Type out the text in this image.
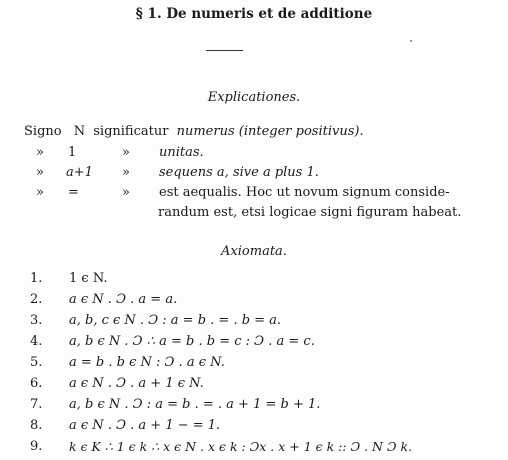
§ 1. De numeris et de additione
Explicationes.
Signo N significatur numerus (integer positivus).
» 1	» unitas.
» a+1 » sequens a, sive a plus 1.
» =	» est aequalis. Hoc ut novum signum conside-
randum est, etsi logicae signi figuram habeat.
Axiomata.
1. 1 ϵ N.
2. a ϵ N . Ɔ . a = a.
3. a, b, c ϵ N . Ɔ : a = b . = . b = a.
4. a, b ϵ N . Ɔ ∴ a = b . b = c : Ɔ . a = c.
5. a = b . b ϵ N : Ɔ . a ϵ N.
6. a ϵ N . Ɔ . a + 1 ϵ N.
7. a, b ϵ N . Ɔ : a = b . = . a + 1 = b + 1.
8. a ϵ N . Ɔ . a + 1 − = 1.
9. k ϵ K ∴ 1 ϵ k ∴ x ϵ N . x ϵ k : Ɔx . x + 1 ϵ k :: Ɔ . N Ɔ k.
